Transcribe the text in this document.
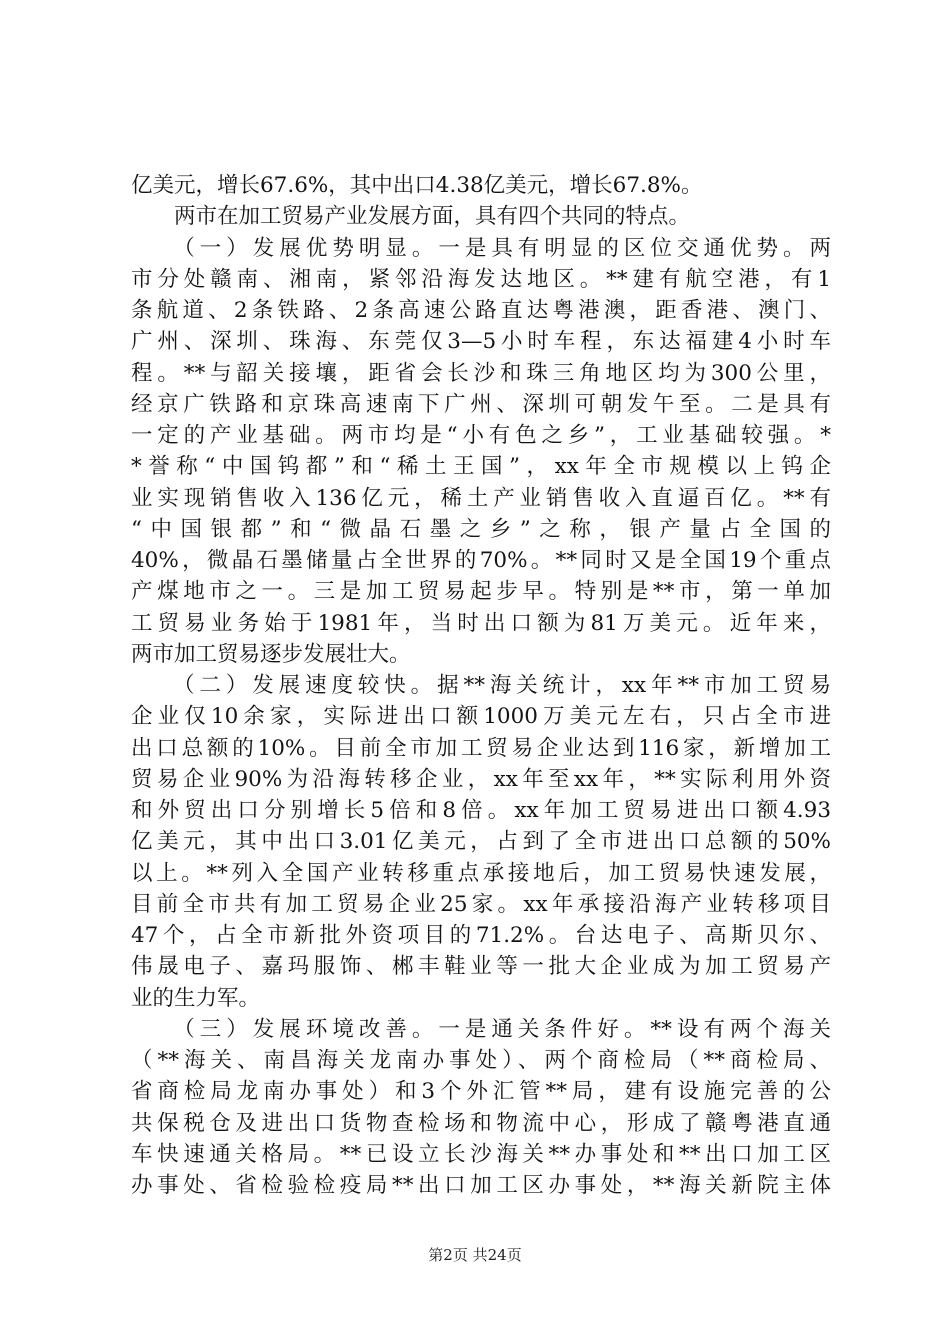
亿美元，增长67.6%，其中出口4.38亿美元，增长67.8%。
　　两市在加工贸易产业发展方面，具有四个共同的特点。
　　（一）发展优势明显。一是具有明显的区位交通优势。两
市分处赣南、湘南，紧邻沿海发达地区。**建有航空港，有1
条航道、2条铁路、2条高速公路直达粤港澳，距香港、澳门、
广州、深圳、珠海、东莞仅3—5小时车程，东达福建4小时车
程。**与韶关接壤，距省会长沙和珠三角地区均为300公里，
经京广铁路和京珠高速南下广州、深圳可朝发午至。二是具有
一定的产业基础。两市均是“小有色之乡”，工业基础较强。*
*誉称“中国钨都”和“稀土王国”，xx年全市规模以上钨企
业实现销售收入136亿元，稀土产业销售收入直逼百亿。**有
“中国银都”和“微晶石墨之乡”之称，银产量占全国的
40%，微晶石墨储量占全世界的70%。**同时又是全国19个重点
产煤地市之一。三是加工贸易起步早。特别是**市，第一单加
工贸易业务始于1981年，当时出口额为81万美元。近年来，
两市加工贸易逐步发展壮大。
　　（二）发展速度较快。据**海关统计，xx年**市加工贸易
企业仅10余家，实际进出口额1000万美元左右，只占全市进
出口总额的10%。目前全市加工贸易企业达到116家，新增加工
贸易企业90%为沿海转移企业，xx年至xx年，**实际利用外资
和外贸出口分别增长5倍和8倍。xx年加工贸易进出口额4.93
亿美元，其中出口3.01亿美元，占到了全市进出口总额的50%
以上。**列入全国产业转移重点承接地后，加工贸易快速发展，
目前全市共有加工贸易企业25家。xx年承接沿海产业转移项目
47个，占全市新批外资项目的71.2%。台达电子、高斯贝尔、
伟晟电子、嘉玛服饰、郴丰鞋业等一批大企业成为加工贸易产
业的生力军。
　　（三）发展环境改善。一是通关条件好。**设有两个海关
（**海关、南昌海关龙南办事处）、两个商检局（**商检局、
省商检局龙南办事处）和3个外汇管**局，建有设施完善的公
共保税仓及进出口货物查检场和物流中心，形成了赣粤港直通
车快速通关格局。**已设立长沙海关**办事处和**出口加工区
办事处、省检验检疫局**出口加工区办事处，**海关新院主体
第2页 共24页
